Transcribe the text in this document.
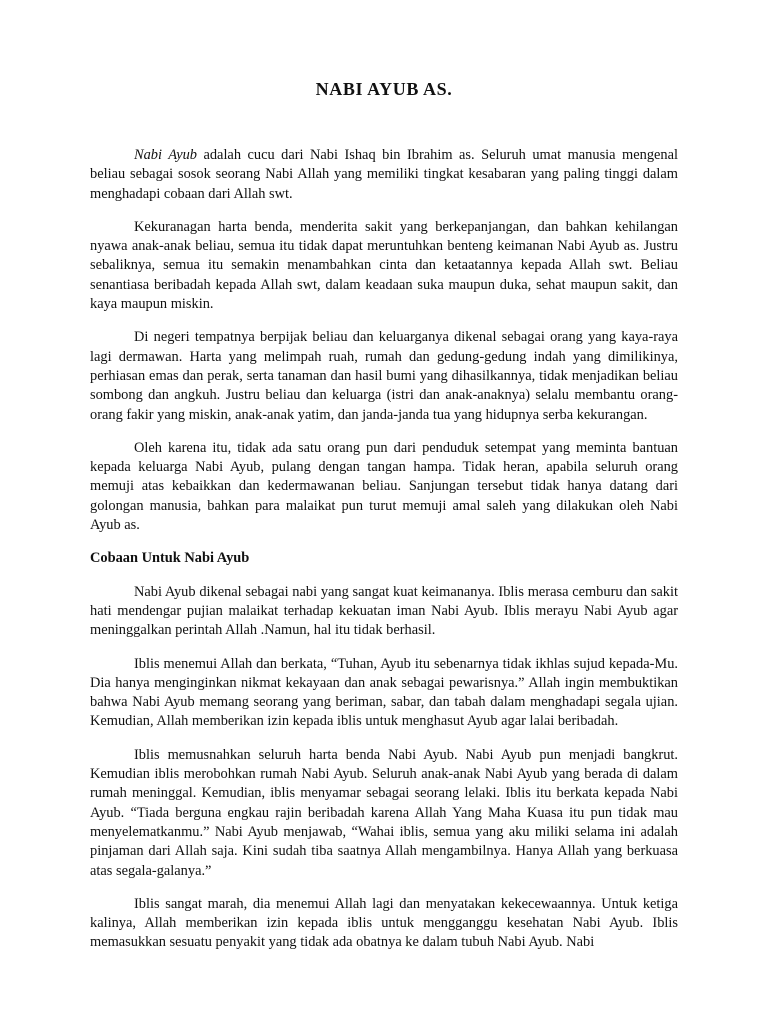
NABI AYUB AS.

Nabi Ayub adalah cucu dari Nabi Ishaq bin Ibrahim as. Seluruh umat manusia mengenal beliau sebagai sosok seorang Nabi Allah yang memiliki tingkat kesabaran yang paling tinggi dalam menghadapi cobaan dari Allah swt.

Kekuranagan harta benda, menderita sakit yang berkepanjangan, dan bahkan kehilangan nyawa anak-anak beliau, semua itu tidak dapat meruntuhkan benteng keimanan Nabi Ayub as. Justru sebaliknya, semua itu semakin menambahkan cinta dan ketaatannya kepada Allah swt. Beliau senantiasa beribadah kepada Allah swt, dalam keadaan suka maupun duka, sehat maupun sakit, dan kaya maupun miskin.

Di negeri tempatnya berpijak beliau dan keluarganya dikenal sebagai orang yang kaya-raya lagi dermawan. Harta yang melimpah ruah, rumah dan gedung-gedung indah yang dimilikinya, perhiasan emas dan perak, serta tanaman dan hasil bumi yang dihasilkannya, tidak menjadikan beliau sombong dan angkuh. Justru beliau dan keluarga (istri dan anak-anaknya) selalu membantu orang-orang fakir yang miskin, anak-anak yatim, dan janda-janda tua yang hidupnya serba kekurangan.

Oleh karena itu, tidak ada satu orang pun dari penduduk setempat yang meminta bantuan kepada keluarga Nabi Ayub, pulang dengan tangan hampa. Tidak heran, apabila seluruh orang memuji atas kebaikkan dan kedermawanan beliau. Sanjungan tersebut tidak hanya datang dari golongan manusia, bahkan para malaikat pun turut memuji amal saleh yang dilakukan oleh Nabi Ayub as.

Cobaan Untuk Nabi Ayub

Nabi Ayub dikenal sebagai nabi yang sangat kuat keimananya. Iblis merasa cemburu dan sakit hati mendengar pujian malaikat terhadap kekuatan iman Nabi Ayub. Iblis merayu Nabi Ayub agar meninggalkan perintah Allah .Namun, hal itu tidak berhasil.

Iblis menemui Allah dan berkata, “Tuhan, Ayub itu sebenarnya tidak ikhlas sujud kepada-Mu. Dia hanya menginginkan nikmat kekayaan dan anak sebagai pewarisnya.” Allah ingin membuktikan bahwa Nabi Ayub memang seorang yang beriman, sabar, dan tabah dalam menghadapi segala ujian. Kemudian, Allah memberikan izin kepada iblis untuk menghasut Ayub agar lalai beribadah.

Iblis memusnahkan seluruh harta benda Nabi Ayub. Nabi Ayub pun menjadi bangkrut. Kemudian iblis merobohkan rumah Nabi Ayub. Seluruh anak-anak Nabi Ayub yang berada di dalam rumah meninggal. Kemudian, iblis menyamar sebagai seorang lelaki. Iblis itu berkata kepada Nabi Ayub. “Tiada berguna engkau rajin beribadah karena Allah Yang Maha Kuasa itu pun tidak mau menyelematkanmu.” Nabi Ayub menjawab, “Wahai iblis, semua yang aku miliki selama ini adalah pinjaman dari Allah saja. Kini sudah tiba saatnya Allah mengambilnya. Hanya Allah yang berkuasa atas segala-galanya.”

Iblis sangat marah, dia menemui Allah lagi dan menyatakan kekecewaannya. Untuk ketiga kalinya, Allah memberikan izin kepada iblis untuk mengganggu kesehatan Nabi Ayub. Iblis memasukkan sesuatu penyakit yang tidak ada obatnya ke dalam tubuh Nabi Ayub. Nabi
